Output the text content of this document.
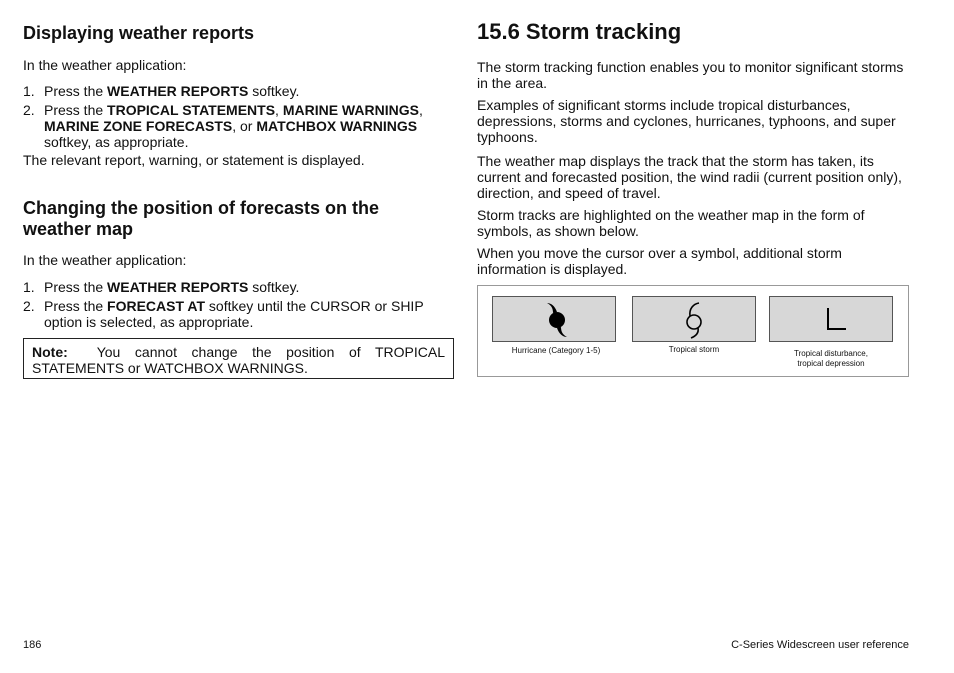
Displaying weather reports

In the weather application:

1. Press the WEATHER REPORTS softkey.
2. Press the TROPICAL STATEMENTS, MARINE WARNINGS, MARINE ZONE FORECASTS, or MATCHBOX WARNINGS softkey, as appropriate.

The relevant report, warning, or statement is displayed.

Changing the position of forecasts on the weather map

In the weather application:

1. Press the WEATHER REPORTS softkey.
2. Press the FORECAST AT softkey until the CURSOR or SHIP option is selected, as appropriate.
Note:  You cannot change the position of TROPICAL STATEMENTS or WATCHBOX WARNINGS.
15.6 Storm tracking

The storm tracking function enables you to monitor significant storms in the area.

Examples of significant storms include tropical disturbances, depressions, storms and cyclones, hurricanes, typhoons, and super typhoons.

The weather map displays the track that the storm has taken, its current and forecasted position, the wind radii (current position only), direction, and speed of travel.

Storm tracks are highlighted on the weather map in the form of symbols, as shown below.

When you move the cursor over a symbol, additional storm information is displayed.

Hurricane (Category 1-5)	Tropical storm	Tropical disturbance,
tropical depression
186	C-Series Widescreen user reference
